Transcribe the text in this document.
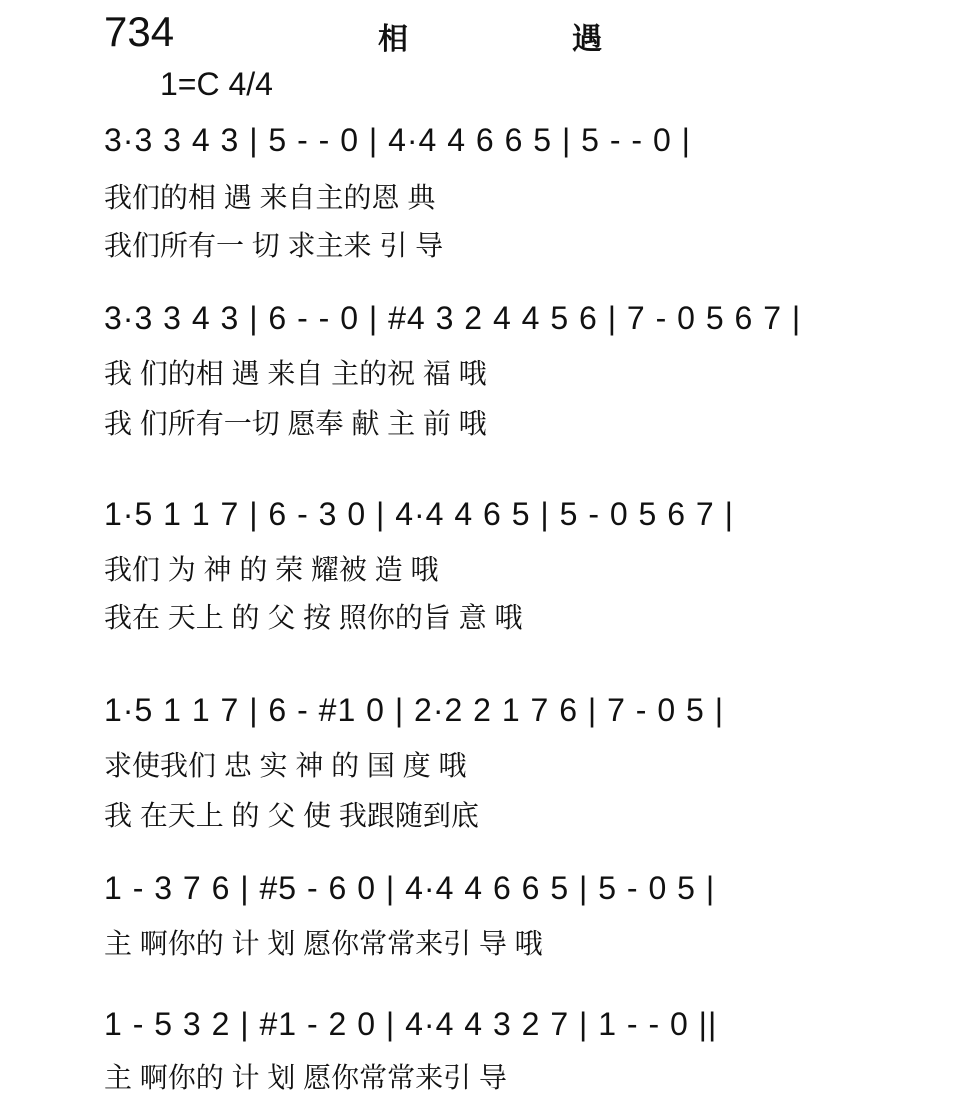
734	相	遇
1=C 4/4
3·3 3 4 3 | 5 - - 0 | 4·4 4 6 6 5 | 5 - - 0 |
我们的相 遇 来自主的恩 典
我们所有一 切 求主来 引 导
3·3 3 4 3 | 6 - - 0 | #4 3 2 4 4 5 6 | 7 - 0 5 6 7 |
我 们的相 遇 来自 主的祝 福 哦
我 们所有一切 愿奉 献 主 前 哦
1·5 1 1 7 | 6 - 3 0 | 4·4 4 6 5 | 5 - 0 5 6 7 |
我们 为 神 的 荣 耀被 造 哦
我在 天上 的 父 按 照你的旨 意 哦
1·5 1 1 7 | 6 - #1 0 | 2·2 2 1 7 6 | 7 - 0 5 |
求使我们 忠 实 神 的 国 度 哦
我 在天上 的 父 使 我跟随到底
1 - 3 7 6 | #5 - 6 0 | 4·4 4 6 6 5 | 5 - 0 5 |
主 啊你的 计 划 愿你常常来引 导 哦
1 - 5 3 2 | #1 - 2 0 | 4·4 4 3 2 7 | 1 - - 0 ||
主 啊你的 计 划 愿你常常来引 导
